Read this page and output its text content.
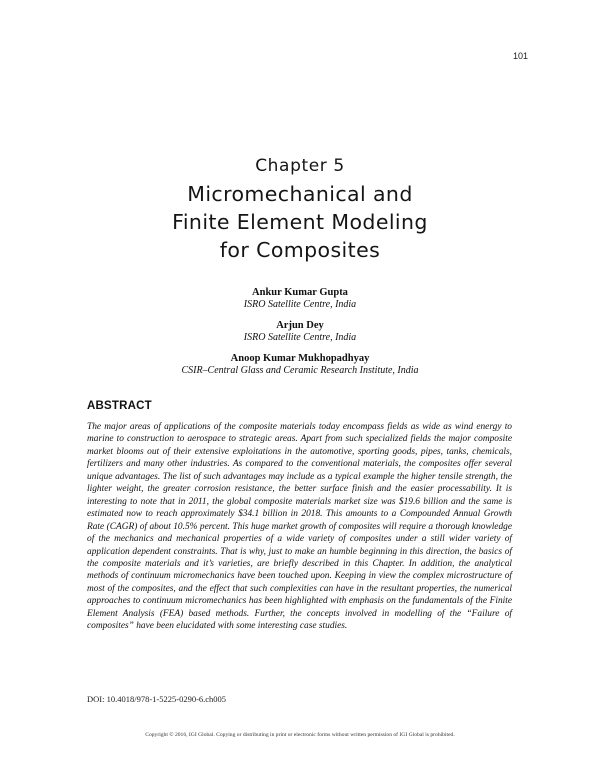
101
Chapter 5
Micromechanical and
Finite Element Modeling
for Composites
Ankur Kumar Gupta
ISRO Satellite Centre, India
Arjun Dey
ISRO Satellite Centre, India
Anoop Kumar Mukhopadhyay
CSIR–Central Glass and Ceramic Research Institute, India
ABSTRACT

The major areas of applications of the composite materials today encompass fields as wide as wind energy to marine to construction to aerospace to strategic areas. Apart from such specialized fields the major composite market blooms out of their extensive exploitations in the automotive, sporting goods, pipes, tanks, chemicals, fertilizers and many other industries. As compared to the conventional materials, the composites offer several unique advantages. The list of such advantages may include as a typical example the higher tensile strength, the lighter weight, the greater corrosion resistance, the better surface finish and the easier processability. It is interesting to note that in 2011, the global composite materials market size was $19.6 billion and the same is estimated now to reach approximately $34.1 billion in 2018. This amounts to a Compounded Annual Growth Rate (CAGR) of about 10.5% percent. This huge market growth of composites will require a thorough knowledge of the mechanics and mechanical properties of a wide variety of composites under a still wider variety of application dependent constraints. That is why, just to make an humble beginning in this direction, the basics of the composite materials and it’s varieties, are briefly described in this Chapter. In addition, the analytical methods of continuum micromechanics have been touched upon. Keeping in view the complex microstructure of most of the composites, and the effect that such complexities can have in the resultant properties, the numerical approaches to continuum micromechanics has been highlighted with emphasis on the fundamentals of the Finite Element Analysis (FEA) based methods. Further, the concepts involved in modelling of the “Failure of composites” have been elucidated with some interesting case studies.

DOI: 10.4018/978-1-5225-0290-6.ch005
Copyright © 2016, IGI Global. Copying or distributing in print or electronic forms without written permission of IGI Global is prohibited.
